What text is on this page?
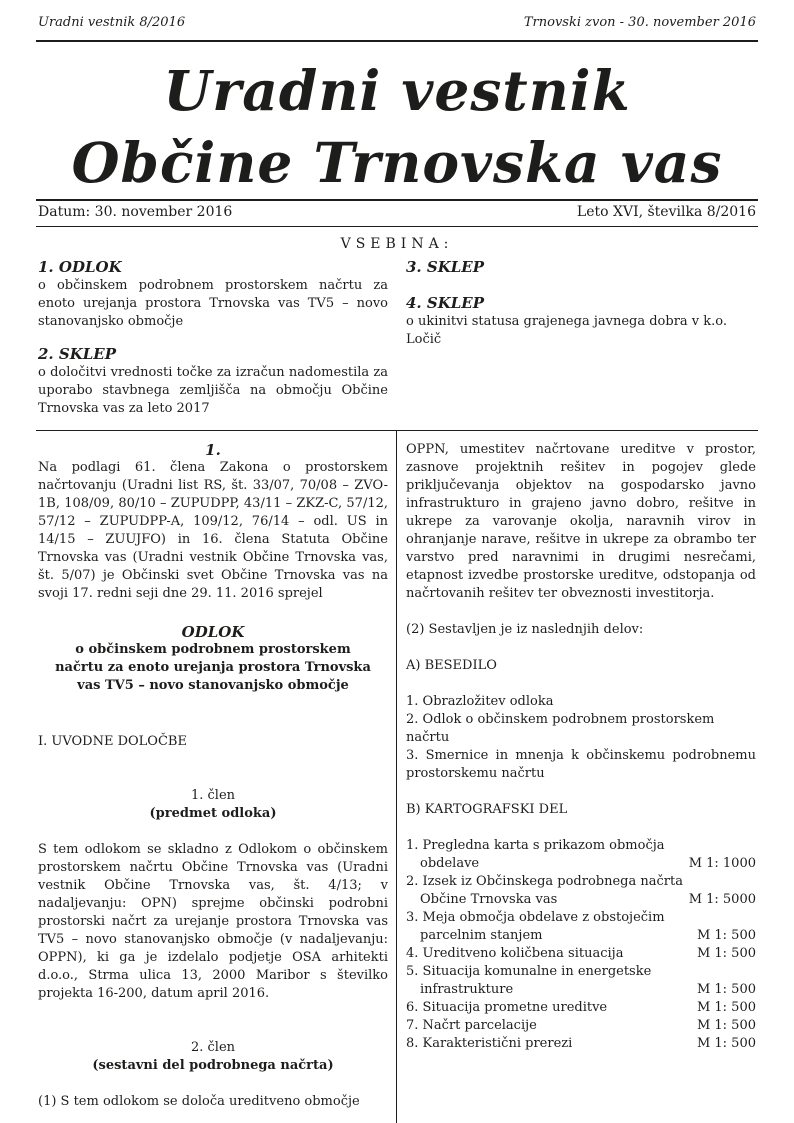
Uradni vestnik 8/2016	Trnovski zvon - 30. november 2016
Uradni vestnik
Občine Trnovska vas
Datum: 30. november 2016	Leto XVI, številka 8/2016
VSEBINA:
1. ODLOK
o občinskem podrobnem prostorskem načrtu za enoto urejanja prostora Trnovska vas TV5 – novo stanovanjsko območje
2. SKLEP
o določitvi vrednosti točke za izračun nadomestila za uporabo stavbnega zemljišča na območju Občine Trnovska vas za leto 2017
3. SKLEP
4. SKLEP
o ukinitvi statusa grajenega javnega dobra v k.o. Ločič
1.
Na podlagi 61. člena Zakona o prostorskem načrtovanju (Uradni list RS, št. 33/07, 70/08 – ZVO-1B, 108/09, 80/10 – ZUPUDPP, 43/11 – ZKZ-C, 57/12, 57/12 – ZUPUDPP-A, 109/12, 76/14 – odl. US in 14/15 – ZUUJFO) in 16. člena Statuta Občine Trnovska vas (Uradni vestnik Občine Trnovska vas, št. 5/07) je Občinski svet Občine Trnovska vas na svoji 17. redni seji dne 29. 11. 2016 sprejel
ODLOK
o občinskem podrobnem prostorskem načrtu za enoto urejanja prostora Trnovska vas TV5 – novo stanovanjsko območje
I. UVODNE DOLOČBE
1. člen
(predmet odloka)
S tem odlokom se skladno z Odlokom o občinskem prostorskem načrtu Občine Trnovska vas (Uradni vestnik Občine Trnovska vas, št. 4/13; v nadaljevanju: OPN) sprejme občinski podrobni prostorski načrt za urejanje prostora Trnovska vas TV5 – novo stanovanjsko območje (v nadaljevanju: OPPN), ki ga je izdelalo podjetje OSA arhitekti d.o.o., Strma ulica 13, 2000 Maribor s številko projekta 16-200, datum april 2016.
2. člen
(sestavni del podrobnega načrta)
(1) S tem odlokom se določa ureditveno območje
OPPN, umestitev načrtovane ureditve v prostor, zasnove projektnih rešitev in pogojev glede priključevanja objektov na gospodarsko javno infrastrukturo in grajeno javno dobro, rešitve in ukrepe za varovanje okolja, naravnih virov in ohranjanje narave, rešitve in ukrepe za obrambo ter varstvo pred naravnimi in drugimi nesrečami, etapnost izvedbe prostorske ureditve, odstopanja od načrtovanih rešitev ter obveznosti investitorja.
(2) Sestavljen je iz naslednjih delov:
A) BESEDILO
1. Obrazložitev odloka
2. Odlok o občinskem podrobnem prostorskem načrtu
3. Smernice in mnenja k občinskemu podrobnemu prostorskemu načrtu
B) KARTOGRAFSKI DEL
1. Pregledna karta s prikazom območja
obdelave	M 1: 1000
2. Izsek iz Občinskega podrobnega načrta
Občine Trnovska vas	M 1: 5000
3. Meja območja obdelave z obstoječim
parcelnim stanjem	M 1: 500
4. Ureditveno količbena situacija	M 1: 500
5. Situacija komunalne in energetske
infrastrukture	M 1: 500
6. Situacija prometne ureditve	M 1: 500
7. Načrt parcelacije	M 1: 500
8. Karakteristični prerezi	M 1: 500
